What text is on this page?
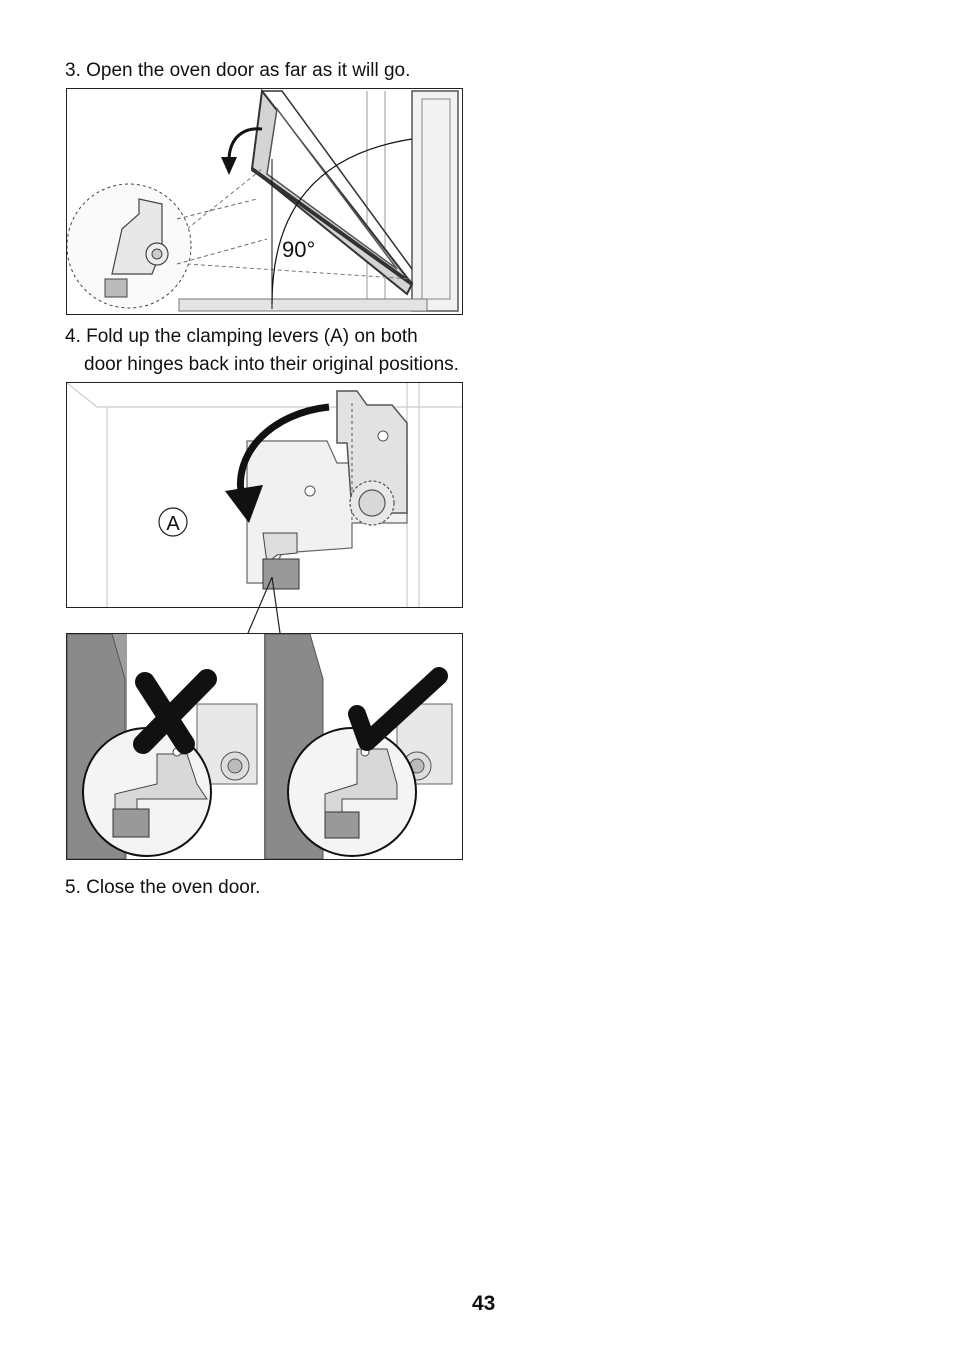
3. Open the oven door as far as it will go.
90°
4. Fold up the clamping levers (A) on both
door hinges back into their original positions.
A
5. Close the oven door.
43
